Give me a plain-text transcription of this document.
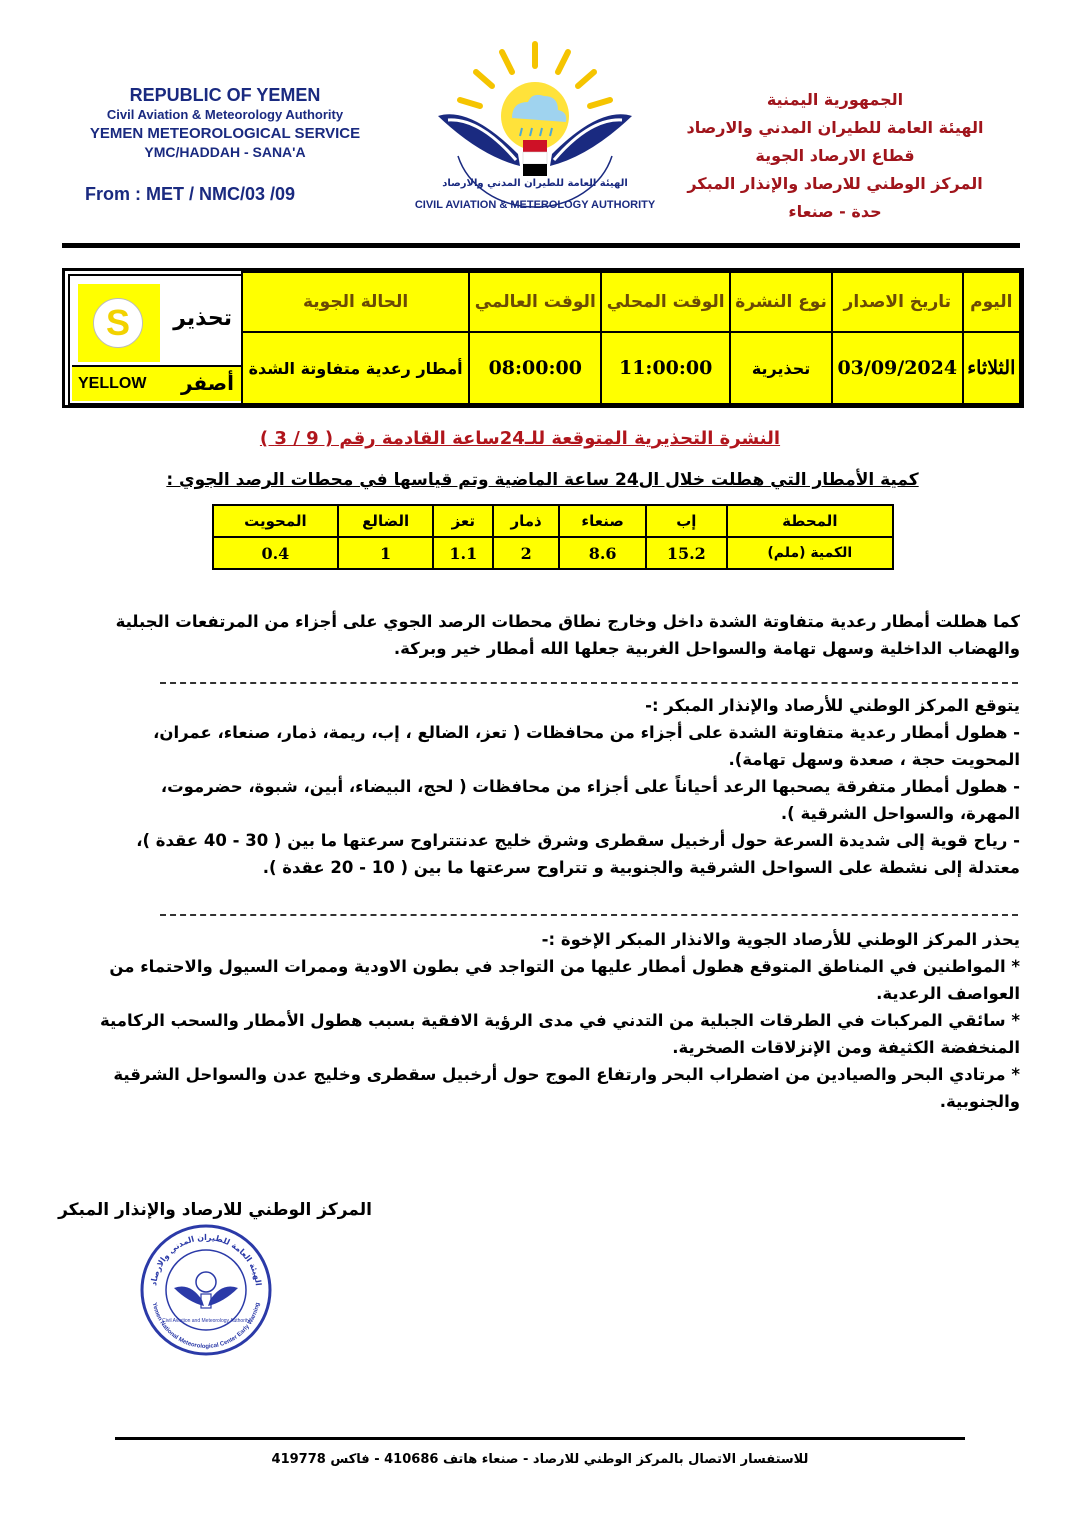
REPUBLIC OF YEMEN
Civil Aviation & Meteorology Authority
YEMEN METEOROLOGICAL SERVICE
YMC/HADDAH - SANA'A
From : MET / NMC/03 /09
CIVIL AVIATION & METEROLOGY AUTHORITY
الهيئة العامة للطيران المدني والارصاد
الجمهورية اليمنية
الهيئة العامة للطيران المدني والارصاد
قطاع الارصاد الجوية
المركز الوطني للارصاد والإنذار المبكر
حدة - صنعاء
S	تحذير
YELLOW أصفر
اليوم	تاريخ الاصدار	نوع النشرة	الوقت المحلي	الوقت العالمي	الحالة الجوية
الثلاثاء	03/09/2024	تحذيرية	11:00:00	08:00:00	أمطار رعدية متفاوتة الشدة
النشرة التحذيرية المتوقعة للـ24ساعة القادمة رقم ( 9 / 3 )
كمية الأمطار التي هطلت خلال ال24 ساعة الماضية وتم قياسها في محطات الرصد الجوي :
المحطة	إب	صنعاء	ذمار	تعز	الضالع	المحويت
الكمية (ملم)	15.2	8.6	2	1.1	1	0.4
كما هطلت أمطار رعدية متفاوتة الشدة داخل وخارج نطاق محطات الرصد الجوي على أجزاء من المرتفعات الجبلية
والهضاب الداخلية وسهل تهامة والسواحل الغربية جعلها الله أمطار خير وبركة.
يتوقع المركز الوطني للأرصاد والإنذار المبكر :-
- هطول أمطار رعدية متفاوتة الشدة على أجزاء من محافظات ( تعز، الضالع ، إب، ريمة، ذمار، صنعاء، عمران،
المحويت حجة ، صعدة وسهل تهامة).
- هطول أمطار متفرقة يصحبها الرعد أحياناً على أجزاء من محافظات ( لحج، البيضاء، أبين، شبوة، حضرموت،
المهرة، والسواحل الشرقية ).
- رياح قوية إلى شديدة السرعة حول أرخبيل سقطرى وشرق خليج عدنتتراوح سرعتها ما بين ( 30 - 40 عقدة )،
معتدلة إلى نشطة على السواحل الشرقية والجنوبية و تتراوح سرعتها ما بين ( 10 - 20 عقدة ).
يحذر المركز الوطني للأرصاد الجوية والانذار المبكر الإخوة :-
* المواطنين في المناطق المتوقع هطول أمطار عليها من التواجد في بطون الاودية وممرات السيول والاحتماء من
العواصف الرعدية.
* سائقي المركبات في الطرقات الجبلية من التدني في مدى الرؤية الافقية بسبب هطول الأمطار والسحب الركامية
المنخفضة الكثيفة ومن الإنزلاقات الصخرية.
* مرتادي البحر والصيادين من اضطراب البحر وارتفاع الموج حول أرخبيل سقطرى وخليج عدن والسواحل الشرقية
والجنوبية.
المركز الوطني للارصاد والإنذار المبكر
الهيئة العامة للطيران المدني والارصاد
Yemen National Meteorological Center Early Warning
Civil Aviation and Meteorology Authority
للاستفسار الاتصال بالمركز الوطني للارصاد - صنعاء هاتف 410686 - فاكس 419778
